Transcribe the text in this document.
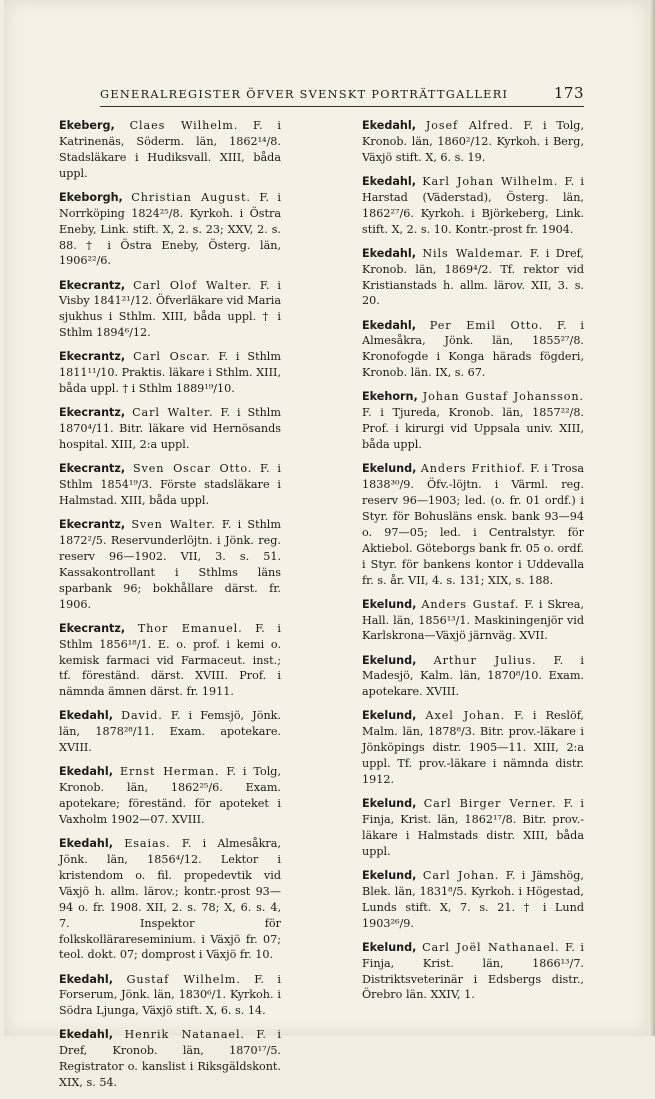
GENERALREGISTER ÖFVER SVENSKT PORTRÄTTGALLERI	173

Ekeberg, Claes Wilhelm. F. i Katrinenäs, Söderm. län, 1862¹⁴/8. Stadsläkare i Hudiksvall. XIII, båda uppl.

Ekeborgh, Christian August. F. i Norrköping 1824²⁵/8. Kyrkoh. i Östra Eneby, Link. stift. X, 2. s. 23; XXV, 2. s. 88. † i Östra Eneby, Österg. län, 1906²²/6.

Ekecrantz, Carl Olof Walter. F. i Visby 1841²¹/12. Öfverläkare vid Maria sjukhus i Sthlm. XIII, båda uppl. † i Sthlm 1894⁶/12.

Ekecrantz, Carl Oscar. F. i Sthlm 1811¹¹/10. Praktis. läkare i Sthlm. XIII, båda uppl. † i Sthlm 1889¹⁹/10.

Ekecrantz, Carl Walter. F. i Sthlm 1870⁴/11. Bitr. läkare vid Hernösands hospital. XIII, 2:a uppl.

Ekecrantz, Sven Oscar Otto. F. i Sthlm 1854¹⁹/3. Förste stadsläkare i Halmstad. XIII, båda uppl.

Ekecrantz, Sven Walter. F. i Sthlm 1872²/5. Reservunderlöjtn. i Jönk. reg. reserv 96—1902. VII, 3. s. 51. Kassakontrollant i Sthlms läns sparbank 96; bokhållare därst. fr. 1906.

Ekecrantz, Thor Emanuel. F. i Sthlm 1856¹⁸/1. E. o. prof. i kemi o. kemisk farmaci vid Farmaceut. inst.; tf. föreständ. därst. XVIII. Prof. i nämnda ämnen därst. fr. 1911.

Ekedahl, David. F. i Femsjö, Jönk. län, 1878²⁸/11. Exam. apotekare. XVIII.

Ekedahl, Ernst Herman. F. i Tolg, Kronob. län, 1862²⁵/6. Exam. apotekare; föreständ. för apoteket i Vaxholm 1902—07. XVIII.

Ekedahl, Esaias. F. i Almesåkra, Jönk. län, 1856⁴/12. Lektor i kristendom o. fil. propedevtik vid Växjö h. allm. lärov.; kontr.-prost 93—94 o. fr. 1908. XII, 2. s. 78; X, 6. s. 4, 7. Inspektor för folkskollärareseminium. i Växjö fr. 07; teol. dokt. 07; domprost i Växjö fr. 10.

Ekedahl, Gustaf Wilhelm. F. i Forserum, Jönk. län, 1830⁶/1. Kyrkoh. i Södra Ljunga, Växjö stift. X, 6. s. 14.

Ekedahl, Henrik Natanael. F. i Dref, Kronob. län, 1870¹⁷/5. Registrator o. kanslist i Riksgäldskont. XIX, s. 54.

Ekedahl, Josef Alfred. F. i Tolg, Kronob. län, 1860²/12. Kyrkoh. i Berg, Växjö stift. X, 6. s. 19.

Ekedahl, Karl Johan Wilhelm. F. i Harstad (Väderstad), Österg. län, 1862²⁷/6. Kyrkoh. i Björkeberg, Link. stift. X, 2. s. 10. Kontr.-prost fr. 1904.

Ekedahl, Nils Waldemar. F. i Dref, Kronob. län, 1869⁴/2. Tf. rektor vid Kristianstads h. allm. lärov. XII, 3. s. 20.

Ekedahl, Per Emil Otto. F. i Almesåkra, Jönk. län, 1855²⁷/8. Kronofogde i Konga härads fögderi, Kronob. län. IX, s. 67.

Ekehorn, Johan Gustaf Johansson. F. i Tjureda, Kronob. län, 1857²²/8. Prof. i kirurgi vid Uppsala univ. XIII, båda uppl.

Ekelund, Anders Frithiof. F. i Trosa 1838³⁰/9. Öfv.-löjtn. i Värml. reg. reserv 96—1903; led. (o. fr. 01 ordf.) i Styr. för Bohusläns ensk. bank 93—94 o. 97—05; led. i Centralstyr. för Aktiebol. Göteborgs bank fr. 05 o. ordf. i Styr. för bankens kontor i Uddevalla fr. s. år. VII, 4. s. 131; XIX, s. 188.

Ekelund, Anders Gustaf. F. i Skrea, Hall. län, 1856¹³/1. Maskiningenjör vid Karlskrona—Växjö järnväg. XVII.

Ekelund, Arthur Julius. F. i Madesjö, Kalm. län, 1870⁸/10. Exam. apotekare. XVIII.

Ekelund, Axel Johan. F. i Reslöf, Malm. län, 1878⁸/3. Bitr. prov.-läkare i Jönköpings distr. 1905—11. XIII, 2:a uppl. Tf. prov.-läkare i nämnda distr. 1912.

Ekelund, Carl Birger Verner. F. i Finja, Krist. län, 1862¹⁷/8. Bitr. prov.-läkare i Halmstads distr. XIII, båda uppl.

Ekelund, Carl Johan. F. i Jämshög, Blek. län, 1831⁸/5. Kyrkoh. i Högestad, Lunds stift. X, 7. s. 21. † i Lund 1903²⁶/9.

Ekelund, Carl Joël Nathanael. F. i Finja, Krist. län, 1866¹³/7. Distriktsveterinär i Edsbergs distr., Örebro län. XXIV, 1.
